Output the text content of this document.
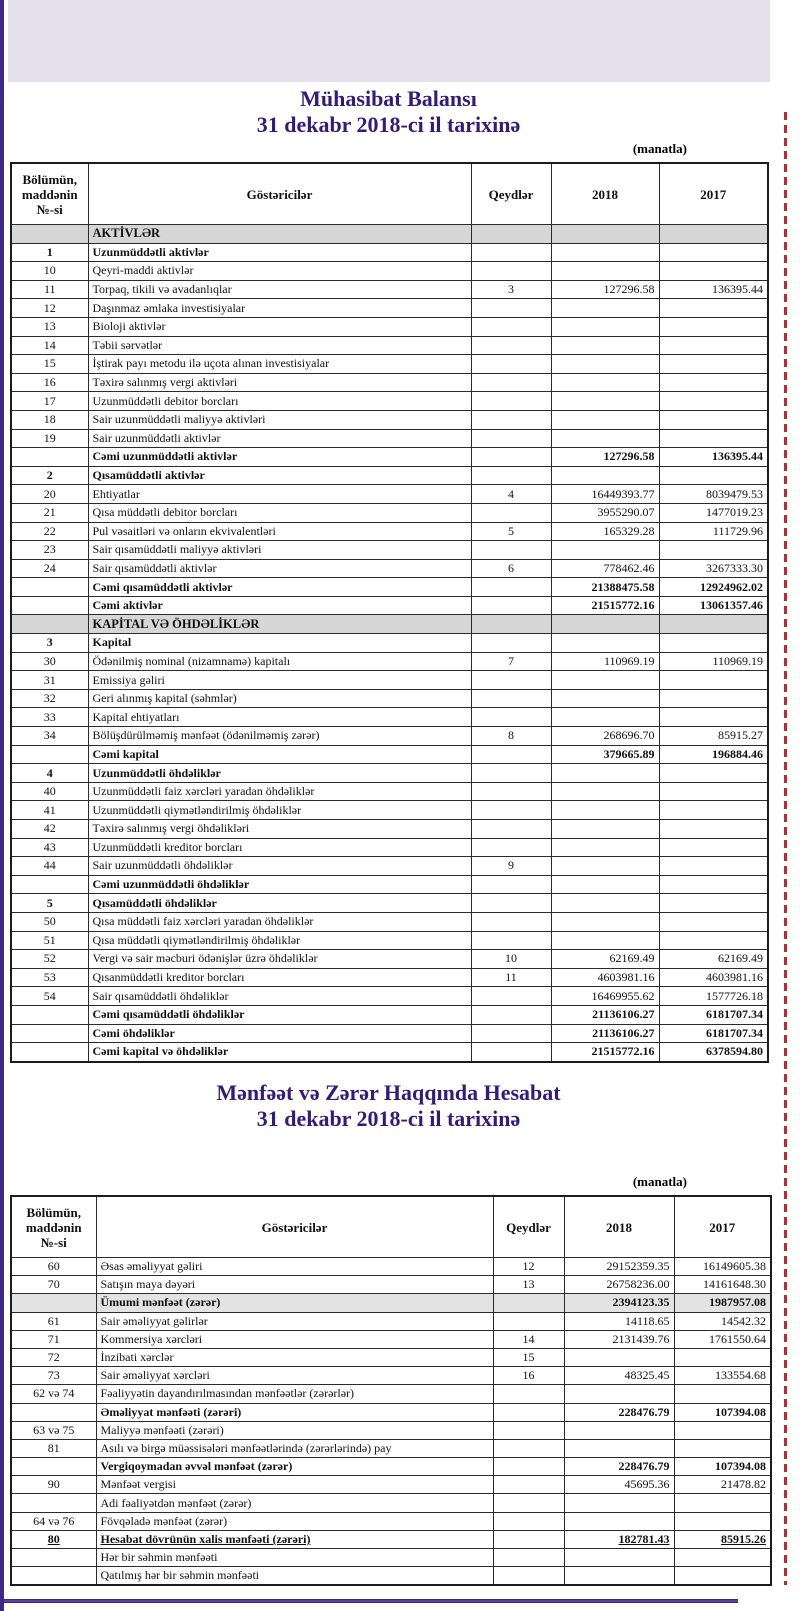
Mühasibat Balansı
31 dekabr 2018-ci il tarixinə
(manatla)
Bölümün, maddənin №-si	Göstəricilər	Qeydlər	2018	2017
	AKTİVLƏR			
1	Uzunmüddətli aktivlər			
10	Qeyri-maddi aktivlər			
11	Torpaq, tikili və avadanlıqlar	3	127296.58	136395.44
12	Daşınmaz əmlaka investisiyalar			
13	Bioloji aktivlər			
14	Təbii sərvətlər			
15	İştirak payı metodu ilə uçota alınan investisiyalar			
16	Təxirə salınmış vergi aktivləri			
17	Uzunmüddətli debitor borcları			
18	Sair uzunmüddətli maliyyə aktivləri			
19	Sair uzunmüddətli aktivlər			
	Cəmi uzunmüddətli aktivlər		127296.58	136395.44
2	Qısamüddətli aktivlər			
20	Ehtiyatlar	4	16449393.77	8039479.53
21	Qısa müddətli debitor borcları		3955290.07	1477019.23
22	Pul vəsaitləri və onların ekvivalentləri	5	165329.28	111729.96
23	Sair qısamüddətli maliyyə aktivləri			
24	Sair qısamüddətli aktivlər	6	778462.46	3267333.30
	Cəmi qısamüddətli aktivlər		21388475.58	12924962.02
	Cəmi aktivlər		21515772.16	13061357.46
	KAPİTAL VƏ ÖHDƏLİKLƏR			
3	Kapital			
30	Ödənilmiş nominal (nizamnamə) kapitalı	7	110969.19	110969.19
31	Emissiya gəliri			
32	Geri alınmış kapital (səhmlər)			
33	Kapital ehtiyatları			
34	Bölüşdürülməmiş mənfəət (ödənilməmiş zərər)	8	268696.70	85915.27
	Cəmi kapital		379665.89	196884.46
4	Uzunmüddətli öhdəliklər			
40	Uzunmüddətli faiz xərcləri yaradan öhdəliklər			
41	Uzunmüddətli qiymətləndirilmiş öhdəliklər			
42	Təxirə salınmış vergi öhdəlikləri			
43	Uzunmüddətli kreditor borcları			
44	Sair uzunmüddətli öhdəliklər	9		
	Cəmi uzunmüddətli öhdəliklər			
5	Qısamüddətli öhdəliklər			
50	Qısa müddətli faiz xərcləri yaradan öhdəliklər			
51	Qısa müddətli qiymətləndirilmiş öhdəliklər			
52	Vergi və sair məcburi ödənişlər üzrə öhdəliklər	10	62169.49	62169.49
53	Qısanmüddətli kreditor borcları	11	4603981.16	4603981.16
54	Sair qısamüddətli öhdəliklər		16469955.62	1577726.18
	Cəmi qısamüddətli öhdəliklər		21136106.27	6181707.34
	Cəmi öhdəliklər		21136106.27	6181707.34
	Cəmi kapital və öhdəliklər		21515772.16	6378594.80
Mənfəət və Zərər Haqqında Hesabat
31 dekabr 2018-ci il tarixinə
(manatla)
Bölümün, maddənin №-si	Göstəricilər	Qeydlər	2018	2017
60	Əsas əməliyyat gəliri	12	29152359.35	16149605.38
70	Satışın maya dəyəri	13	26758236.00	14161648.30
	Ümumi mənfəət (zərər)		2394123.35	1987957.08
61	Sair əməliyyat gəlirlər		14118.65	14542.32
71	Kommersiya xərcləri	14	2131439.76	1761550.64
72	İnzibati xərclər	15		
73	Sair əməliyyat xərcləri	16	48325.45	133554.68
62 və 74	Fəaliyyətin dayandırılmasından mənfəətlər (zərərlər)			
	Əməliyyat mənfəəti (zərəri)		228476.79	107394.08
63 və 75	Maliyyə mənfəəti (zərəri)			
81	Asılı və birgə müəssisələri mənfəətlərində (zərərlərində) pay			
	Vergiqoymadan əvvəl mənfəət (zərər)		228476.79	107394.08
90	Mənfəət vergisi		45695.36	21478.82
	Adi fəaliyətdən mənfəət (zərər)			
64 və 76	Fövqəladə mənfəət (zərər)			
80	Hesabat dövrünün xalis mənfəəti (zərəri)		182781.43	85915.26
	Hər bir səhmin mənfəəti			
	Qatılmış hər bir səhmin mənfəəti			
